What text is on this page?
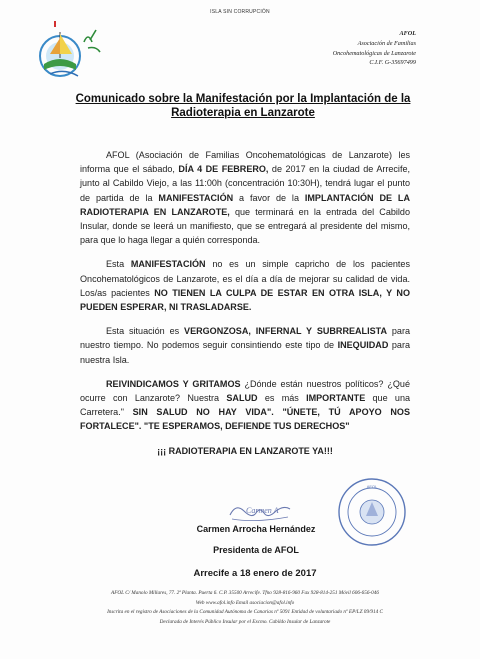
ISLA SIN CORRUPCIÓN
AFOL
Asociación de Familias
Oncohematológicas de Lanzarote
C.I.F. G-35697499
Comunicado sobre la Manifestación por la Implantación de la Radioterapia en Lanzarote

AFOL (Asociación de Familias Oncohematológicas de Lanzarote) les informa que el sábado, DÍA 4 DE FEBRERO, de 2017 en la ciudad de Arrecife, junto al Cabildo Viejo, a las 11:00h (concentración 10:30H), tendrá lugar el punto de partida de la MANIFESTACIÓN a favor de la IMPLANTACIÓN DE LA RADIOTERAPIA EN LANZAROTE, que terminará en la entrada del Cabildo Insular, donde se leerá un manifiesto, que se entregará al presidente del mismo, para que lo haga llegar a quién corresponda.

Esta MANIFESTACIÓN no es un simple capricho de los pacientes Oncohematológicos de Lanzarote, es el día a día de mejorar su calidad de vida. Los/as pacientes NO TIENEN LA CULPA DE ESTAR EN OTRA ISLA, Y NO PUEDEN ESPERAR, NI TRASLADARSE.

Esta situación es VERGONZOSA, INFERNAL Y SUBRREALISTA para nuestro tiempo. No podemos seguir consintiendo este tipo de INEQUIDAD para nuestra Isla.

REIVINDICAMOS Y GRITAMOS ¿Dónde están nuestros políticos? ¿Qué ocurre con Lanzarote? Nuestra SALUD es más IMPORTANTE que una Carretera." SIN SALUD NO HAY VIDA". "ÚNETE, TÚ APOYO NOS FORTALECE". "TE ESPERAMOS, DEFIENDE TUS DERECHOS"

¡¡¡ RADIOTERAPIA EN LANZAROTE YA!!!
Carmen A
AFOL
Carmen Arrocha Hernández
Presidenta de AFOL
Arrecife a 18 enero de 2017
AFOL C/ Manolo Millares, 77. 2ª Planta. Puerta 6. C.P. 35500 Arrecife. Tfno 928-816-960 Fax 928-814-251 Móvil 606-656-046
Web www.afol.info Email asociacion@afol.info
Inscrita en el registro de Asociaciones de la Comunidad Autónoma de Canarias nº 5091 Entidad de voluntariado nº EP/LZ 09/914 C
Declarada de Interés Público Insular por el Excmo. Cabildo Insular de Lanzarote
